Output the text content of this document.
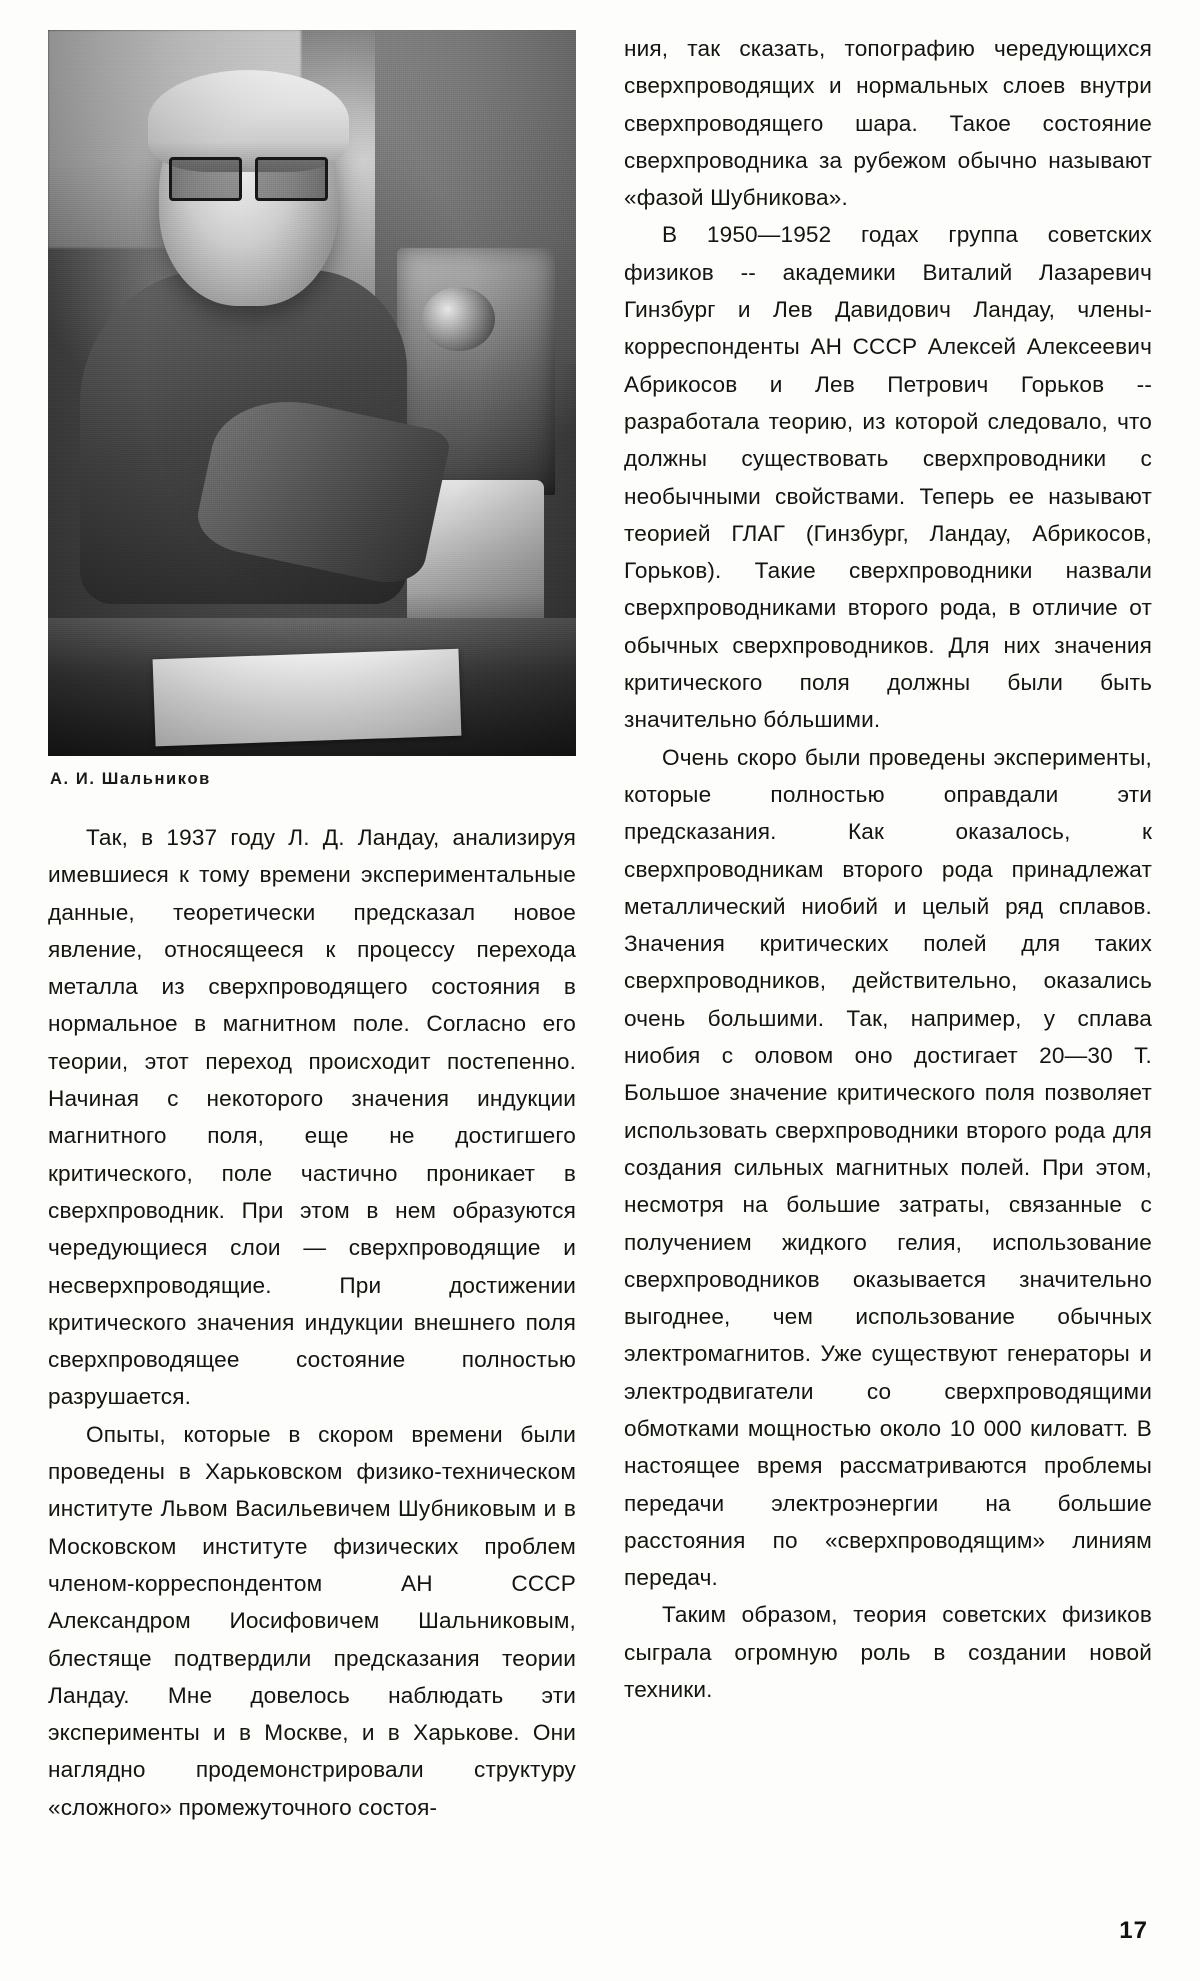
А. И. Шальников

Так, в 1937 году Л. Д. Ландау, анализируя имевшиеся к тому времени экспериментальные данные, теоретически предсказал новое явление, относящееся к процессу перехода металла из сверхпроводящего состояния в нормальное в магнитном поле. Согласно его теории, этот переход происходит постепенно. Начиная с некоторого значения индукции магнитного поля, еще не достигшего критического, поле частично проникает в сверхпроводник. При этом в нем образуются чередующиеся слои — сверхпроводящие и несверхпроводящие. При достижении критического значения индукции внешнего поля сверхпроводящее состояние полностью разрушается.

Опыты, которые в скором времени были проведены в Харьковском физико-техническом институте Львом Васильевичем Шубниковым и в Московском институте физических проблем членом-корреспондентом АН СССР Александром Иосифовичем Шальниковым, блестяще подтвердили предсказания теории Ландау. Мне довелось наблюдать эти эксперименты и в Москве, и в Харькове. Они наглядно продемонстрировали структуру «сложного» промежуточного состоя-

ния, так сказать, топографию чередующихся сверхпроводящих и нормальных слоев внутри сверхпроводящего шара. Такое состояние сверхпроводника за рубежом обычно называют «фазой Шубникова».

В 1950—1952 годах группа советских физиков -- академики Виталий Лазаревич Гинзбург и Лев Давидович Ландау, члены-корреспонденты АН СССР Алексей Алексеевич Абрикосов и Лев Петрович Горьков -- разработала теорию, из которой следовало, что должны существовать сверхпроводники с необычными свойствами. Теперь ее называют теорией ГЛАГ (Гинзбург, Ландау, Абрикосов, Горьков). Такие сверхпроводники назвали сверхпроводниками второго рода, в отличие от обычных сверхпроводников. Для них значения критического поля должны были быть значительно бо́льшими.

Очень скоро были проведены эксперименты, которые полностью оправдали эти предсказания. Как оказалось, к сверхпроводникам второго рода принадлежат металлический ниобий и целый ряд сплавов. Значения критических полей для таких сверхпроводников, действительно, оказались очень большими. Так, например, у сплава ниобия с оловом оно достигает 20—30 Т. Большое значение критического поля позволяет использовать сверхпроводники второго рода для создания сильных магнитных полей. При этом, несмотря на большие затраты, связанные с получением жидкого гелия, использование сверхпроводников оказывается значительно выгоднее, чем использование обычных электромагнитов. Уже существуют генераторы и электродвигатели со сверхпроводящими обмотками мощностью около 10 000 киловатт. В настоящее время рассматриваются проблемы передачи электроэнергии на большие расстояния по «сверхпроводящим» линиям передач.

Таким образом, теория советских физиков сыграла огромную роль в создании новой техники.

17
